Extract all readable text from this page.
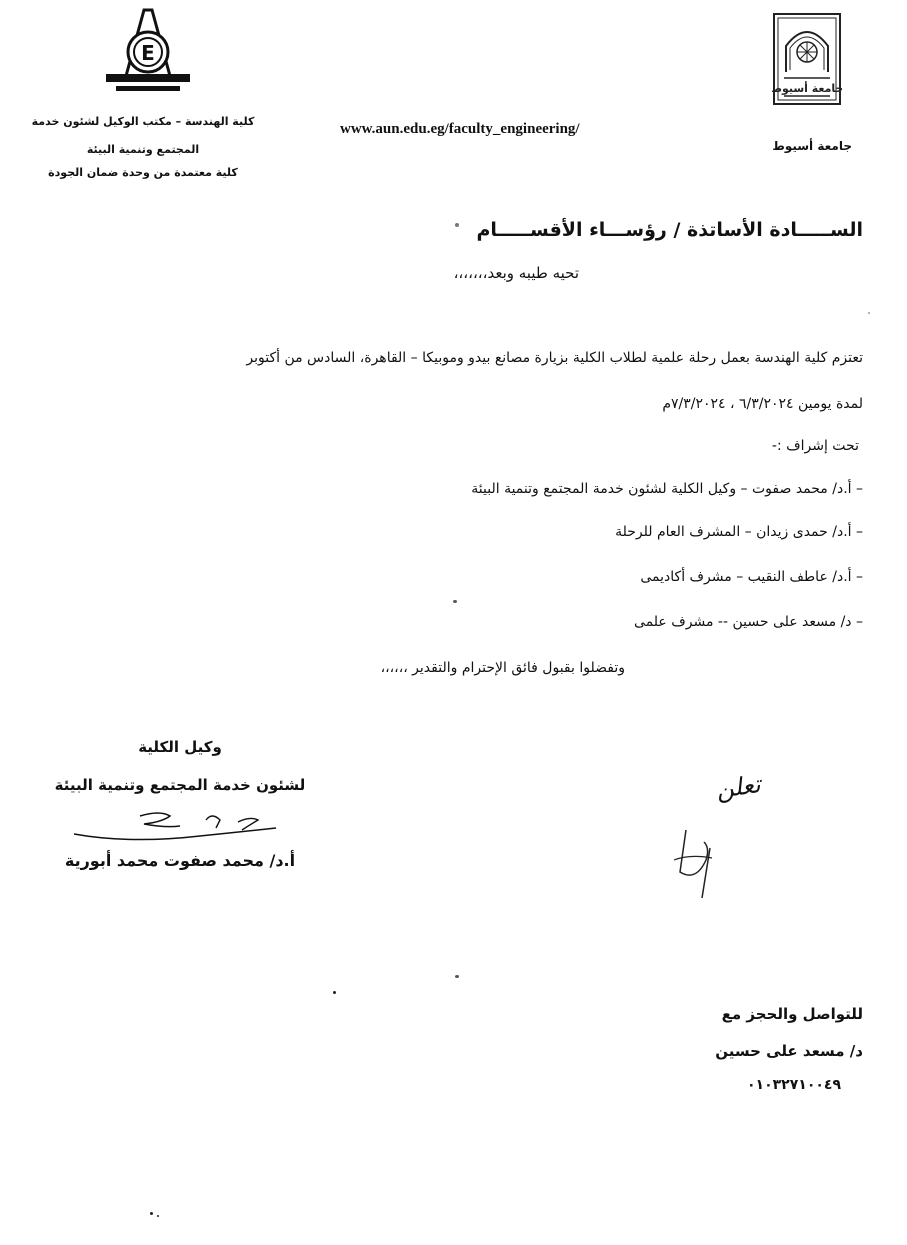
جامعة أسيوط
جامعة أسيوط
www.aun.edu.eg/faculty_engineering/
E
كلية الهندسة – مكتب الوكيل لشئون خدمة
المجتمع وتنمية البيئة
كلية معتمدة من وحدة ضمان الجودة
الســـــادة الأساتذة / رؤســـاء الأقســـــام
تحيه طيبه وبعد،،،،،،،
تعتزم كلية الهندسة بعمل رحلة علمية لطلاب الكلية بزيارة مصانع بيدو وموبيكا – القاهرة، السادس من أكتوبر
لمدة يومين ٦/٣/٢٠٢٤ ، ٧/٣/٢٠٢٤م
تحت إشراف :-
– أ.د/ محمد صفوت – وكيل الكلية لشئون خدمة المجتمع وتنمية البيئة
– أ.د/ حمدى زيدان – المشرف العام للرحلة
– أ.د/ عاطف النقيب – مشرف أكاديمى
– د/ مسعد على حسين -- مشرف علمى
وتفضلوا بقبول فائق الإحترام والتقدير ،،،،،،
وكيل الكلية
لشئون خدمة المجتمع وتنمية البيئة
أ.د/ محمد صفوت محمد أبورية
تعلن
للتواصل والحجز مع
د/ مسعد على حسين
٠١٠٣٢٧١٠٠٤٩
